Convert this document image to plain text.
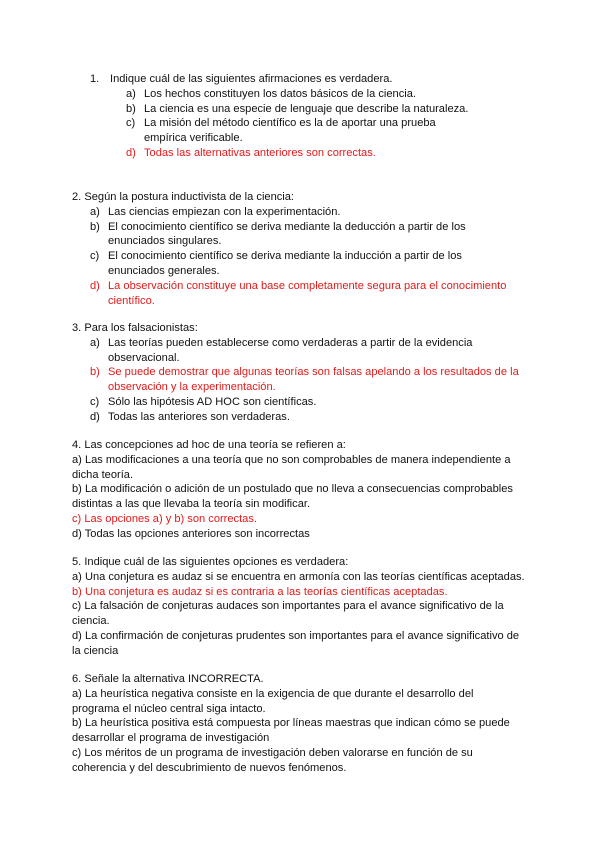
1. Indique cuál de las siguientes afirmaciones es verdadera.
a) Los hechos constituyen los datos básicos de la ciencia.
b) La ciencia es una especie de lenguaje que describe la naturaleza.
c) La misión del método científico es la de aportar una prueba empírica verificable.
d) Todas las alternativas anteriores son correctas.
2. Según la postura inductivista de la ciencia:
a) Las ciencias empiezan con la experimentación.
b) El conocimiento científico se deriva mediante la deducción a partir de los enunciados singulares.
c) El conocimiento científico se deriva mediante la inducción a partir de los enunciados generales.
d) La observación constituye una base completamente segura para el conocimiento científico.
3. Para los falsacionistas:
a) Las teorías pueden establecerse como verdaderas a partir de la evidencia observacional.
b) Se puede demostrar que algunas teorías son falsas apelando a los resultados de la observación y la experimentación.
c) Sólo las hipótesis AD HOC son científicas.
d) Todas las anteriores son verdaderas.
4. Las concepciones ad hoc de una teoría se refieren a:
a) Las modificaciones a una teoría que no son comprobables de manera independiente a dicha teoría.
b) La modificación o adición de un postulado que no lleva a consecuencias comprobables distintas a las que llevaba la teoría sin modificar.
c) Las opciones a) y b) son correctas.
d) Todas las opciones anteriores son incorrectas
5. Indique cuál de las siguientes opciones es verdadera:
a) Una conjetura es audaz si se encuentra en armonía con las teorías científicas aceptadas.
b) Una conjetura es audaz si es contraria a las teorías científicas aceptadas.
c) La falsación de conjeturas audaces son importantes para el avance significativo de la ciencia.
d) La confirmación de conjeturas prudentes son importantes para el avance significativo de la ciencia
6. Señale la alternativa INCORRECTA.
a) La heurística negativa consiste en la exigencia de que durante el desarrollo del programa el núcleo central siga intacto.
b) La heurística positiva está compuesta por líneas maestras que indican cómo se puede desarrollar el programa de investigación
c) Los méritos de un programa de investigación deben valorarse en función de su coherencia y del descubrimiento de nuevos fenómenos.
